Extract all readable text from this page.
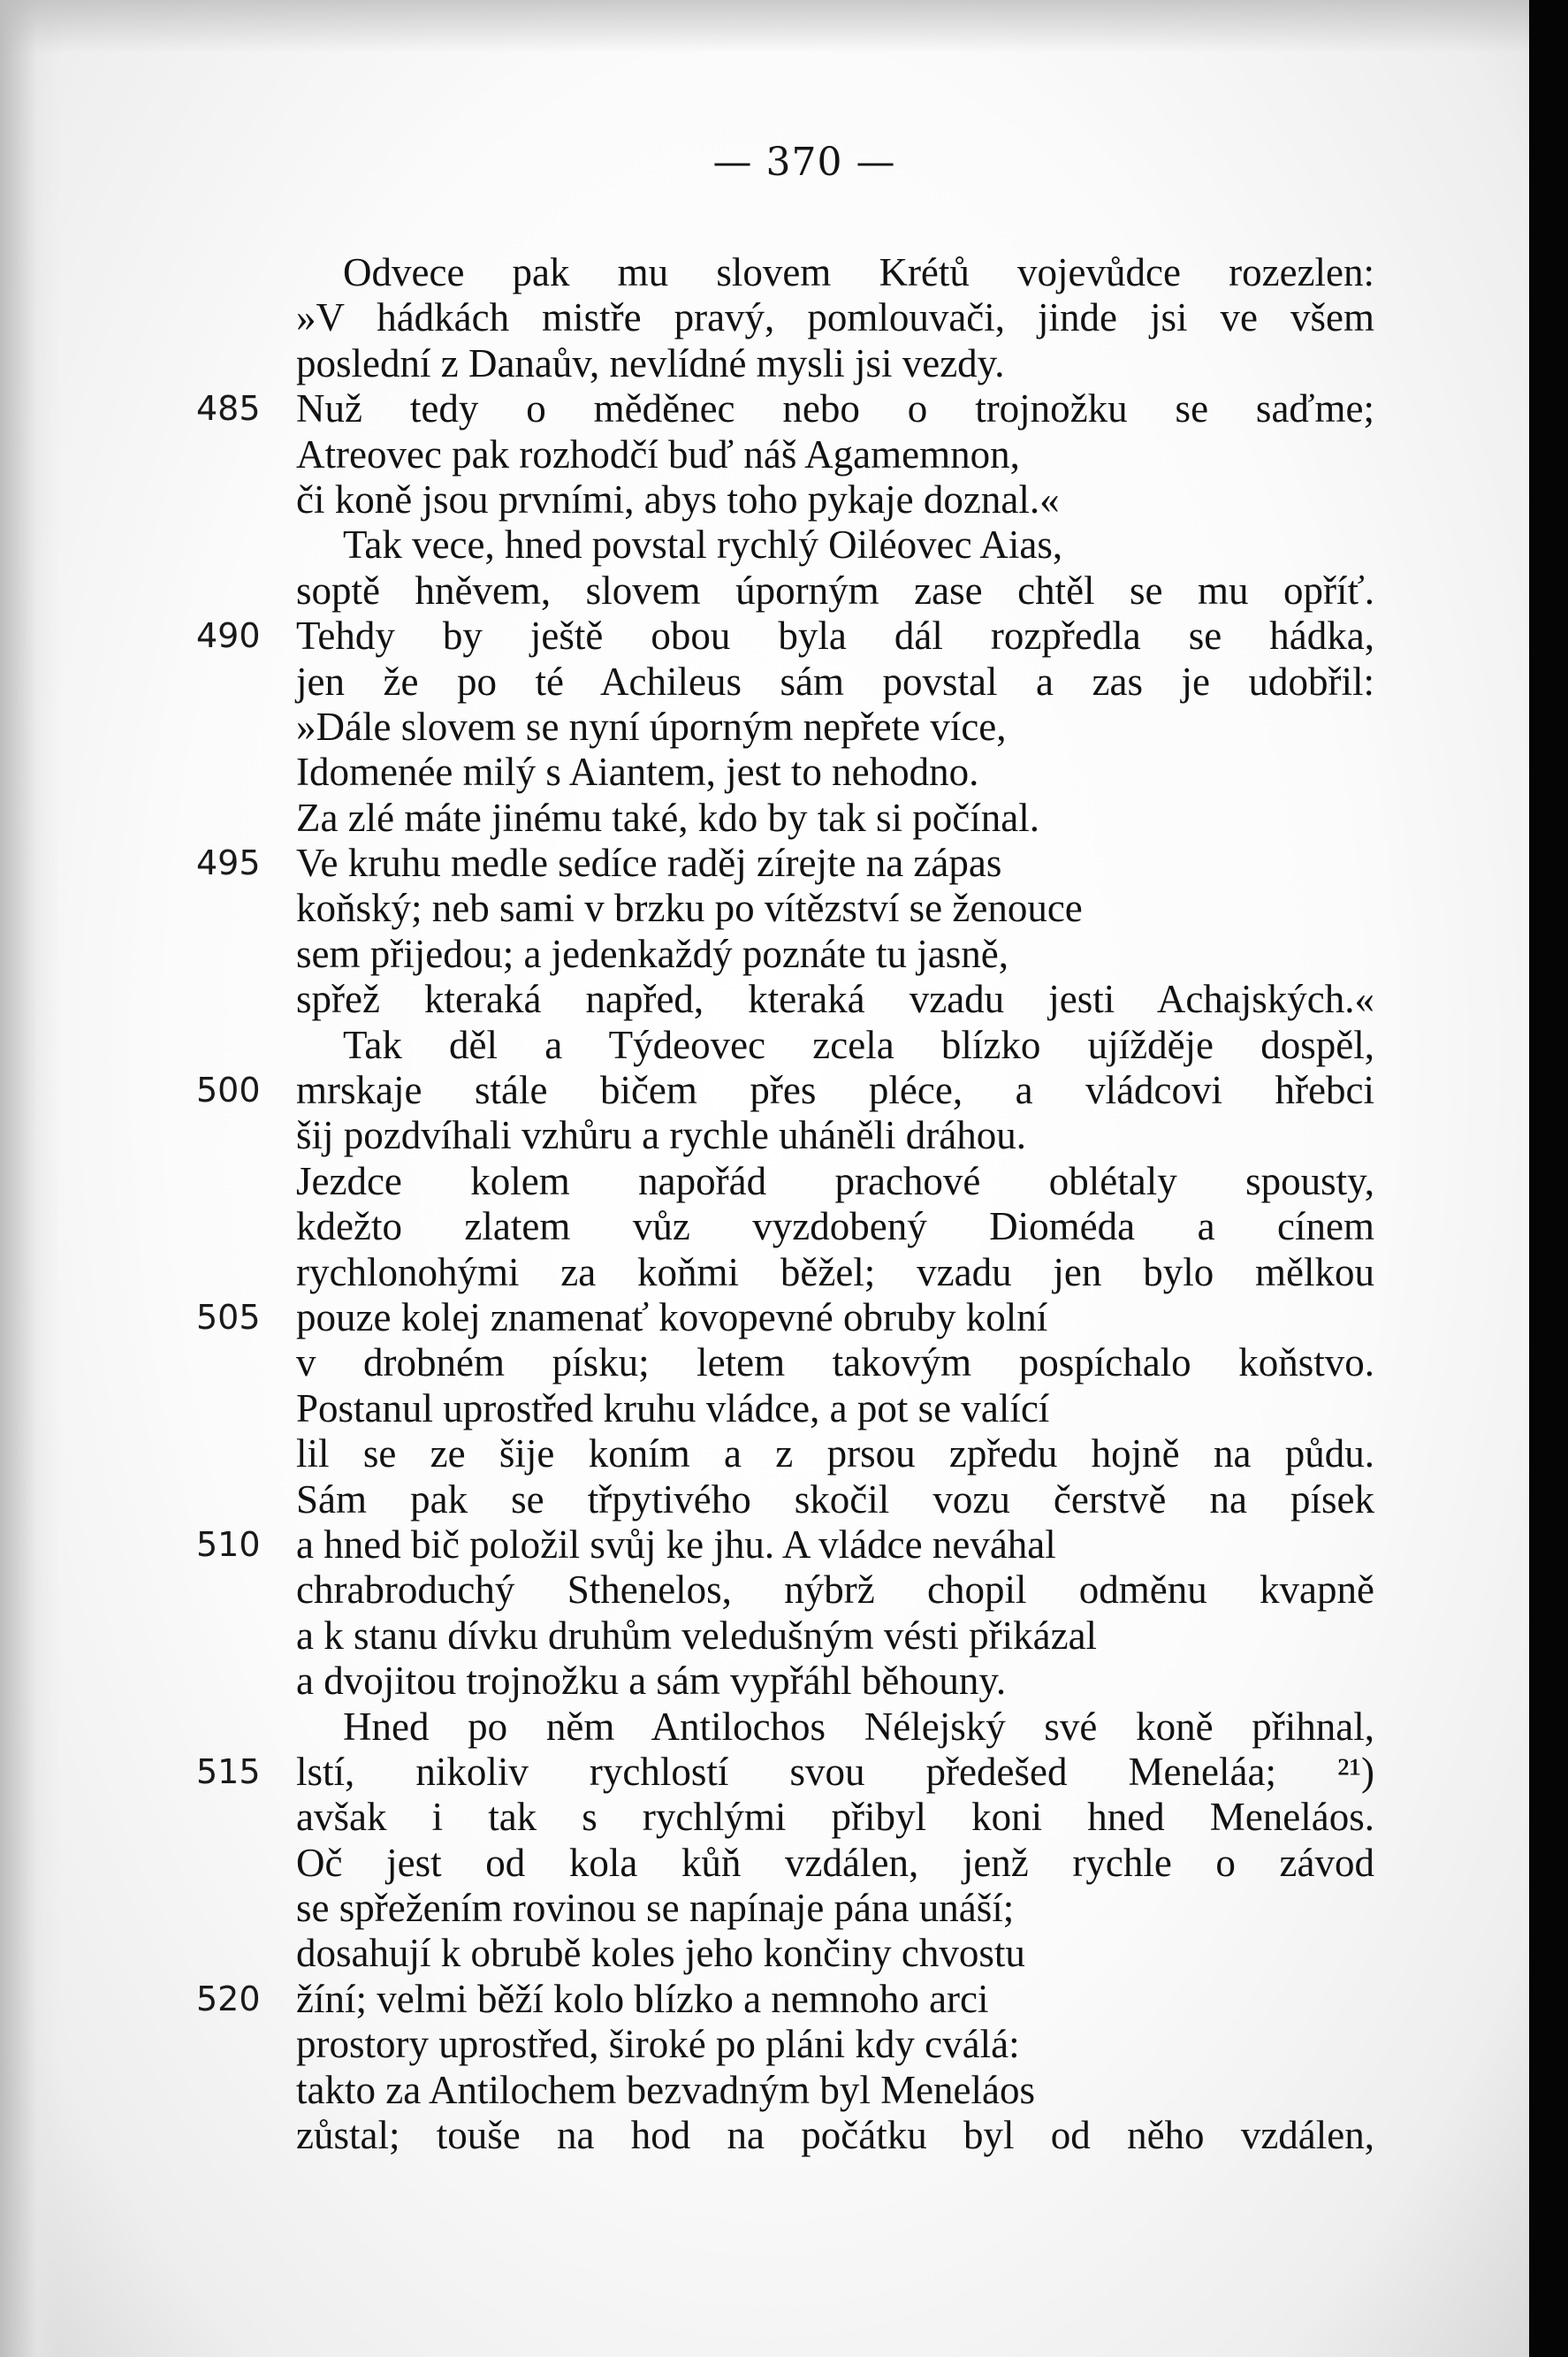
— 370 —
Odvece pak mu slovem Krétů vojevůdce rozezlen:
»V hádkách mistře pravý, pomlouvači, jinde jsi ve všem
poslední z Danaův, nevlídné mysli jsi vezdy.
485 Nuž tedy o měděnec nebo o trojnožku se saďme;
Atreovec pak rozhodčí buď náš Agamemnon,
či koně jsou prvními, abys toho pykaje doznal.«
Tak vece, hned povstal rychlý Oiléovec Aias,
soptě hněvem, slovem úporným zase chtěl se mu opříť.
490 Tehdy by ještě obou byla dál rozpředla se hádka,
jen že po té Achileus sám povstal a zas je udobřil:
»Dále slovem se nyní úporným nepřete více,
Idomenée milý s Aiantem, jest to nehodno.
Za zlé máte jinému také, kdo by tak si počínal.
495 Ve kruhu medle sedíce raděj zírejte na zápas
koňský; neb sami v brzku po vítězství se ženouce
sem přijedou; a jedenkaždý poznáte tu jasně,
spřež kteraká napřed, kteraká vzadu jesti Achajských.«
Tak děl a Týdeovec zcela blízko ujížděje dospěl,
500 mrskaje stále bičem přes pléce, a vládcovi hřebci
šij pozdvíhali vzhůru a rychle uháněli dráhou.
Jezdce kolem napořád prachové oblétaly spousty,
kdežto zlatem vůz vyzdobený Dioméda a cínem
rychlonohými za koňmi běžel; vzadu jen bylo mělkou
505 pouze kolej znamenať kovopevné obruby kolní
v drobném písku; letem takovým pospíchalo koňstvo.
Postanul uprostřed kruhu vládce, a pot se valící
lil se ze šije koním a z prsou zpředu hojně na půdu.
Sám pak se třpytivého skočil vozu čerstvě na písek
510 a hned bič položil svůj ke jhu. A vládce neváhal
chrabroduchý Sthenelos, nýbrž chopil odměnu kvapně
a k stanu dívku druhům veledušným vésti přikázal
a dvojitou trojnožku a sám vypřáhl běhouny.
Hned po něm Antilochos Nélejský své koně přihnal,
515 lstí, nikoliv rychlostí svou předešed Meneláa; ²¹)
avšak i tak s rychlými přibyl koni hned Meneláos.
Oč jest od kola kůň vzdálen, jenž rychle o závod
se spřežením rovinou se napínaje pána unáší;
dosahují k obrubě koles jeho končiny chvostu
520 žíní; velmi běží kolo blízko a nemnoho arci
prostory uprostřed, široké po pláni kdy cválá:
takto za Antilochem bezvadným byl Meneláos
zůstal; touše na hod na počátku byl od něho vzdálen,
